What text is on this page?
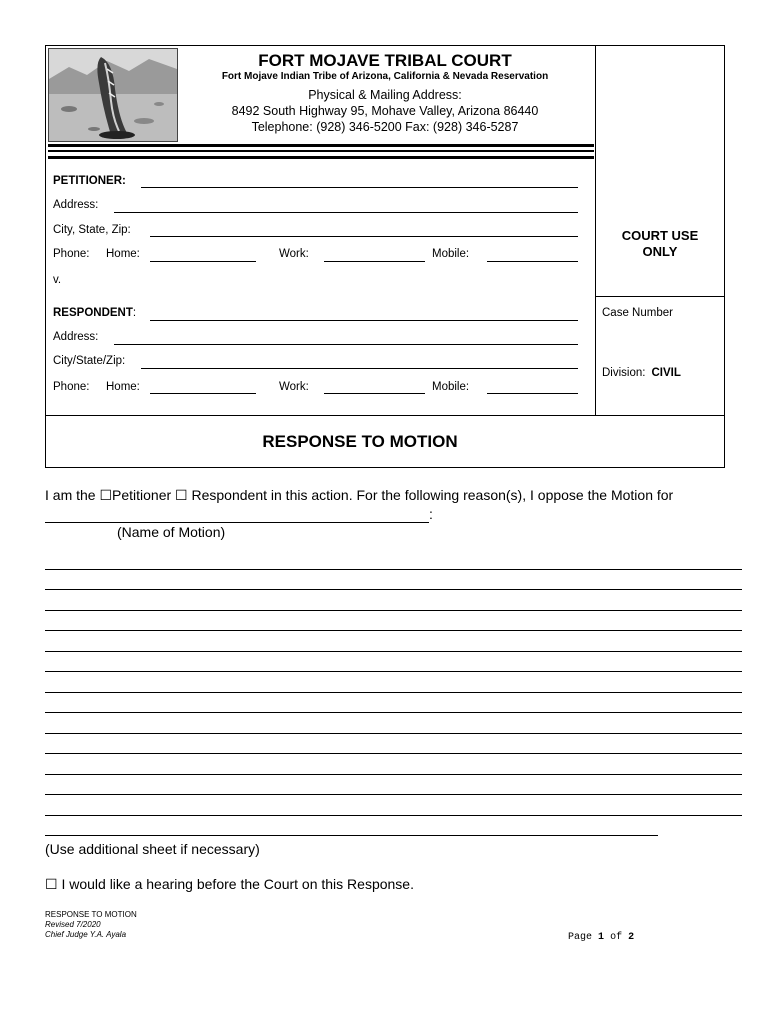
FORT MOJAVE TRIBAL COURT
Fort Mojave Indian Tribe of Arizona, California & Nevada Reservation
Physical & Mailing Address:
8492 South Highway 95, Mohave Valley, Arizona 86440
Telephone: (928) 346-5200 Fax: (928) 346-5287
PETITIONER:
Address:
City, State, Zip:
Phone: Home:	Work:	Mobile:
v.
RESPONDENT:
Address:
City/State/Zip:
Phone: Home:	Work:	Mobile:
COURT USE
ONLY
Case Number
Division: CIVIL
RESPONSE TO MOTION
I am the ☐Petitioner ☐ Respondent in this action. For the following reason(s), I oppose the Motion for
:
(Name of Motion)
(Use additional sheet if necessary)
☐ I would like a hearing before the Court on this Response.
RESPONSE TO MOTION
Revised 7/2020
Chief Judge Y.A. Ayala	Page 1 of 2
